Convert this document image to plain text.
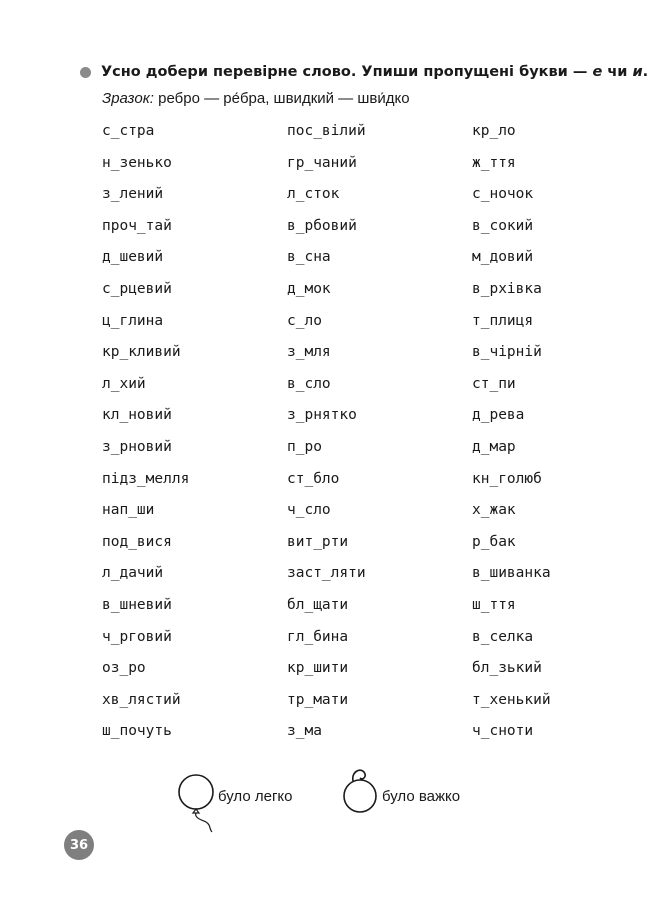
Усно добери перевірне слово. Упиши пропущені букви — е чи и.
Зразок: ребро — ре́бра, швидкий — шви́дко
с_стра	пос_вілий	кр_ло
н_зенько	гр_чаний	ж_ття
з_лений	л_сток	с_ночок
проч_тай	в_рбовий	в_сокий
д_шевий	в_сна	м_довий
с_рцевий	д_мок	в_рхівка
ц_глина	с_ло	т_плиця
кр_кливий	з_мля	в_чірній
л_хий	в_сло	ст_пи
кл_новий	з_рнятко	д_рева
з_рновий	п_ро	д_мар
підз_мелля	ст_бло	кн_голюб
нап_ши	ч_сло	х_жак
под_вися	вит_рти	р_бак
л_дачий	заст_ляти	в_шиванка
в_шневий	бл_щати	ш_ття
ч_рговий	гл_бина	в_селка
оз_ро	кр_шити	бл_зький
хв_лястий	тр_мати	т_хенький
ш_почуть	з_ма	ч_сноти
було легко	було важко
36
